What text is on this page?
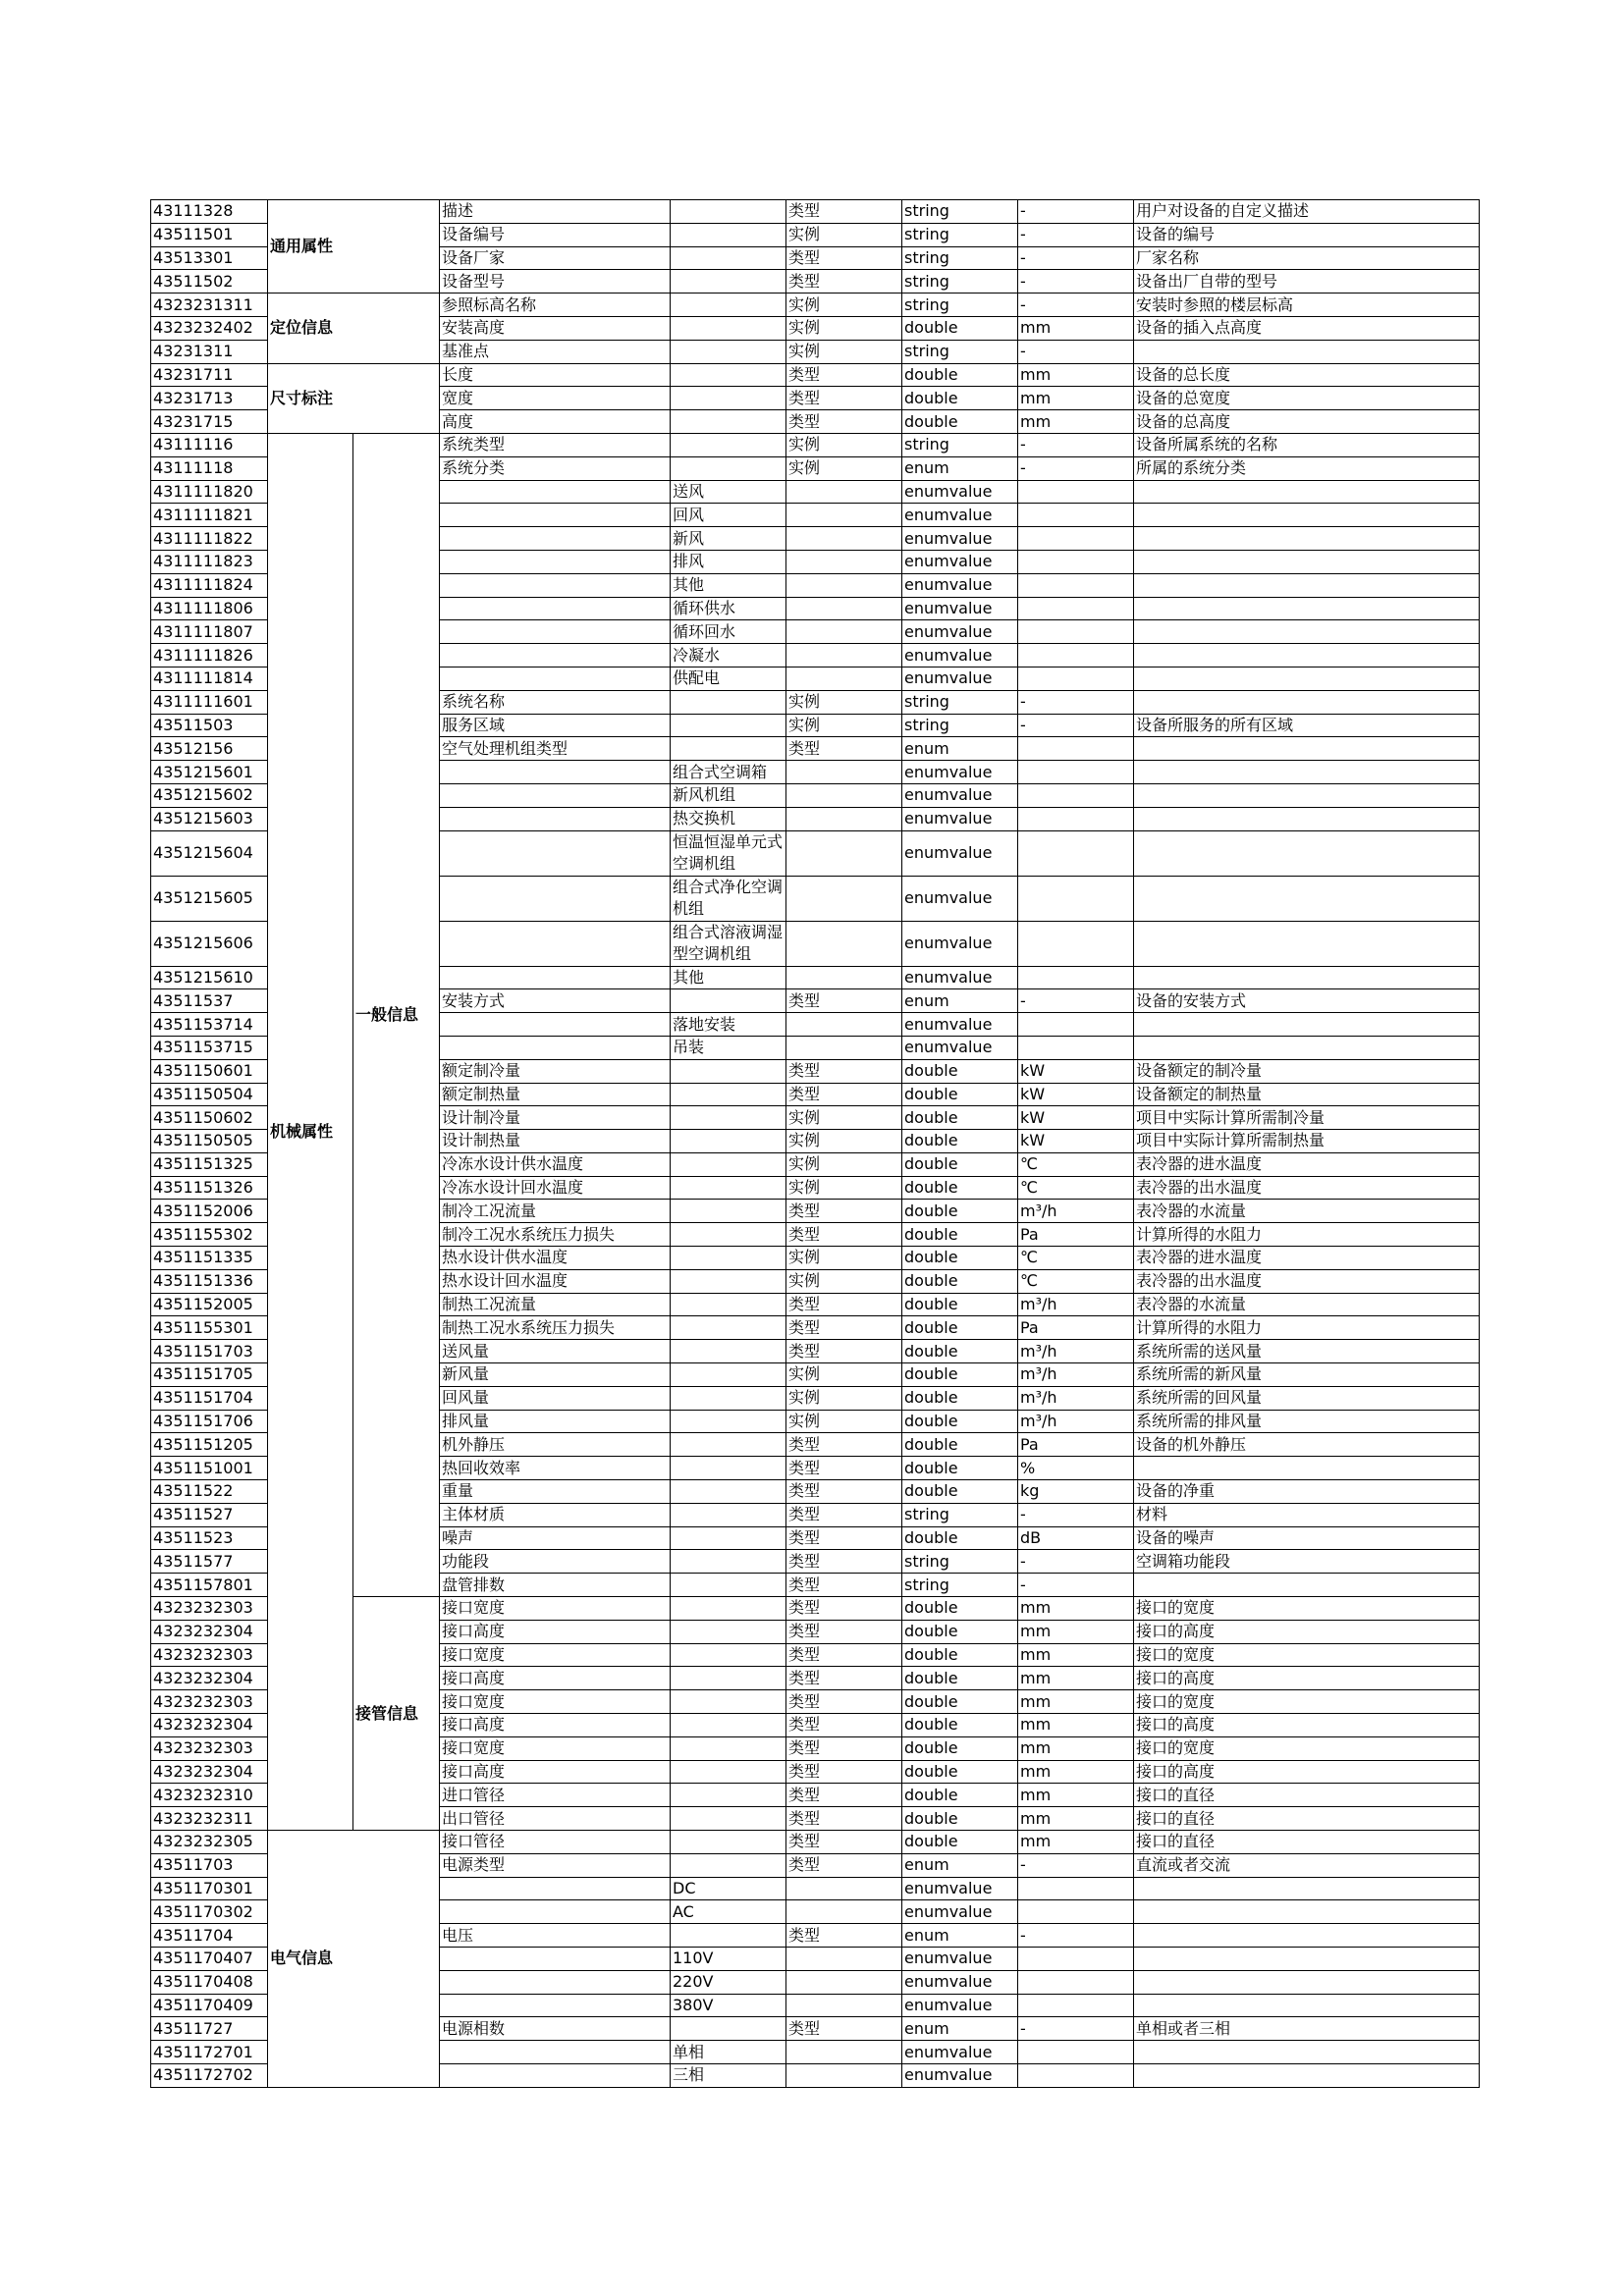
43111328	通用属性		描述		类型	string	-	用户对设备的自定义描述
43511501			设备编号		实例	string	-	设备的编号
43513301			设备厂家		类型	string	-	厂家名称
43511502			设备型号		类型	string	-	设备出厂自带的型号
4323231311	定位信息		参照标高名称		实例	string	-	安装时参照的楼层标高
4323232402			安装高度		实例	double	mm	设备的插入点高度
43231311			基准点		实例	string	-	
43231711	尺寸标注		长度		类型	double	mm	设备的总长度
43231713			宽度		类型	double	mm	设备的总宽度
43231715			高度		类型	double	mm	设备的总高度
43111116	机械属性	一般信息	系统类型		实例	string	-	设备所属系统的名称
43111118			系统分类		实例	enum	-	所属的系统分类
4311111820				送风		enumvalue		
4311111821				回风		enumvalue		
4311111822				新风		enumvalue		
4311111823				排风		enumvalue		
4311111824				其他		enumvalue		
4311111806				循环供水		enumvalue		
4311111807				循环回水		enumvalue		
4311111826				冷凝水		enumvalue		
4311111814				供配电		enumvalue		
4311111601			系统名称		实例	string	-	
43511503			服务区域		实例	string	-	设备所服务的所有区域
43512156			空气处理机组类型		类型	enum		
4351215601				组合式空调箱		enumvalue		
4351215602				新风机组		enumvalue		
4351215603				热交换机		enumvalue		
4351215604				恒温恒湿单元式空调机组		enumvalue		
4351215605				组合式净化空调机组		enumvalue		
4351215606				组合式溶液调湿型空调机组		enumvalue		
4351215610				其他		enumvalue		
43511537			安装方式		类型	enum	-	设备的安装方式
4351153714				落地安装		enumvalue		
4351153715				吊装		enumvalue		
4351150601			额定制冷量		类型	double	kW	设备额定的制冷量
4351150504			额定制热量		类型	double	kW	设备额定的制热量
4351150602			设计制冷量		实例	double	kW	项目中实际计算所需制冷量
4351150505			设计制热量		实例	double	kW	项目中实际计算所需制热量
4351151325			冷冻水设计供水温度		实例	double	℃	表冷器的进水温度
4351151326			冷冻水设计回水温度		实例	double	℃	表冷器的出水温度
4351152006			制冷工况流量		类型	double	m³/h	表冷器的水流量
4351155302			制冷工况水系统压力损失		类型	double	Pa	计算所得的水阻力
4351151335			热水设计供水温度		实例	double	℃	表冷器的进水温度
4351151336			热水设计回水温度		实例	double	℃	表冷器的出水温度
4351152005			制热工况流量		类型	double	m³/h	表冷器的水流量
4351155301			制热工况水系统压力损失		类型	double	Pa	计算所得的水阻力
4351151703			送风量		类型	double	m³/h	系统所需的送风量
4351151705			新风量		实例	double	m³/h	系统所需的新风量
4351151704			回风量		实例	double	m³/h	系统所需的回风量
4351151706			排风量		实例	double	m³/h	系统所需的排风量
4351151205			机外静压		类型	double	Pa	设备的机外静压
4351151001			热回收效率		类型	double	%	
43511522			重量		类型	double	kg	设备的净重
43511527			主体材质		类型	string	-	材料
43511523			噪声		类型	double	dB	设备的噪声
43511577			功能段		类型	string	-	空调箱功能段
4351157801			盘管排数		类型	string	-	
4323232303		接管信息	接口宽度		类型	double	mm	接口的宽度
4323232304			接口高度		类型	double	mm	接口的高度
4323232303			接口宽度		类型	double	mm	接口的宽度
4323232304			接口高度		类型	double	mm	接口的高度
4323232303			接口宽度		类型	double	mm	接口的宽度
4323232304			接口高度		类型	double	mm	接口的高度
4323232303			接口宽度		类型	double	mm	接口的宽度
4323232304			接口高度		类型	double	mm	接口的高度
4323232310			进口管径		类型	double	mm	接口的直径
4323232311			出口管径		类型	double	mm	接口的直径
4323232305	电气信息		接口管径		类型	double	mm	接口的直径
43511703			电源类型		类型	enum	-	直流或者交流
4351170301				DC		enumvalue		
4351170302				AC		enumvalue		
43511704			电压		类型	enum	-	
4351170407				110V		enumvalue		
4351170408				220V		enumvalue		
4351170409				380V		enumvalue		
43511727			电源相数		类型	enum	-	单相或者三相
4351172701				单相		enumvalue		
4351172702				三相		enumvalue		
